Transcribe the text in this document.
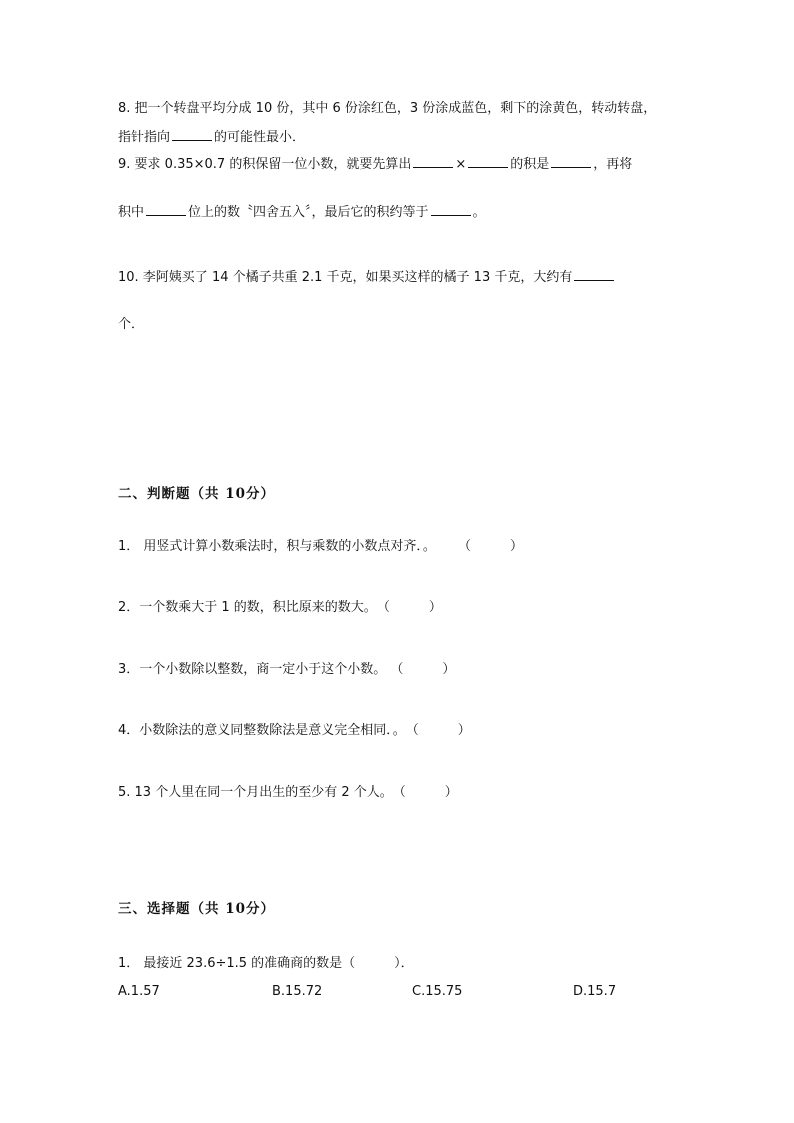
8. 把一个转盘平均分成 10 份，其中 6 份涂红色，3 份涂成蓝色，剩下的涂黄色，转动转盘，
指针指向	的可能性最小．
9. 要求 0.35×0.7 的积保留一位小数，就要先算出	×	的积是	，再将
积中	位上的数〝四舍五入〞，最后它的积约等于	。
10. 李阿姨买了 14 个橘子共重 2.1 千克，如果买这样的橘子 13 千克，大约有
个．
二、判断题（共 10分）
1． 用竖式计算小数乘法时，积与乘数的小数点对齐．。 （　　　）
2．一个数乘大于 1 的数，积比原来的数大。（　　　）
3．一个小数除以整数，商一定小于这个小数。 （　　　）
4．小数除法的意义同整数除法是意义完全相同．。（　　　）
5. 13 个人里在同一个月出生的至少有 2 个人。（　　　）
三、选择题（共 10分）
1． 最接近 23.6÷1.5 的准确商的数是（　　　）．
A.1.57	B.15.72	C.15.75	D.15.7
